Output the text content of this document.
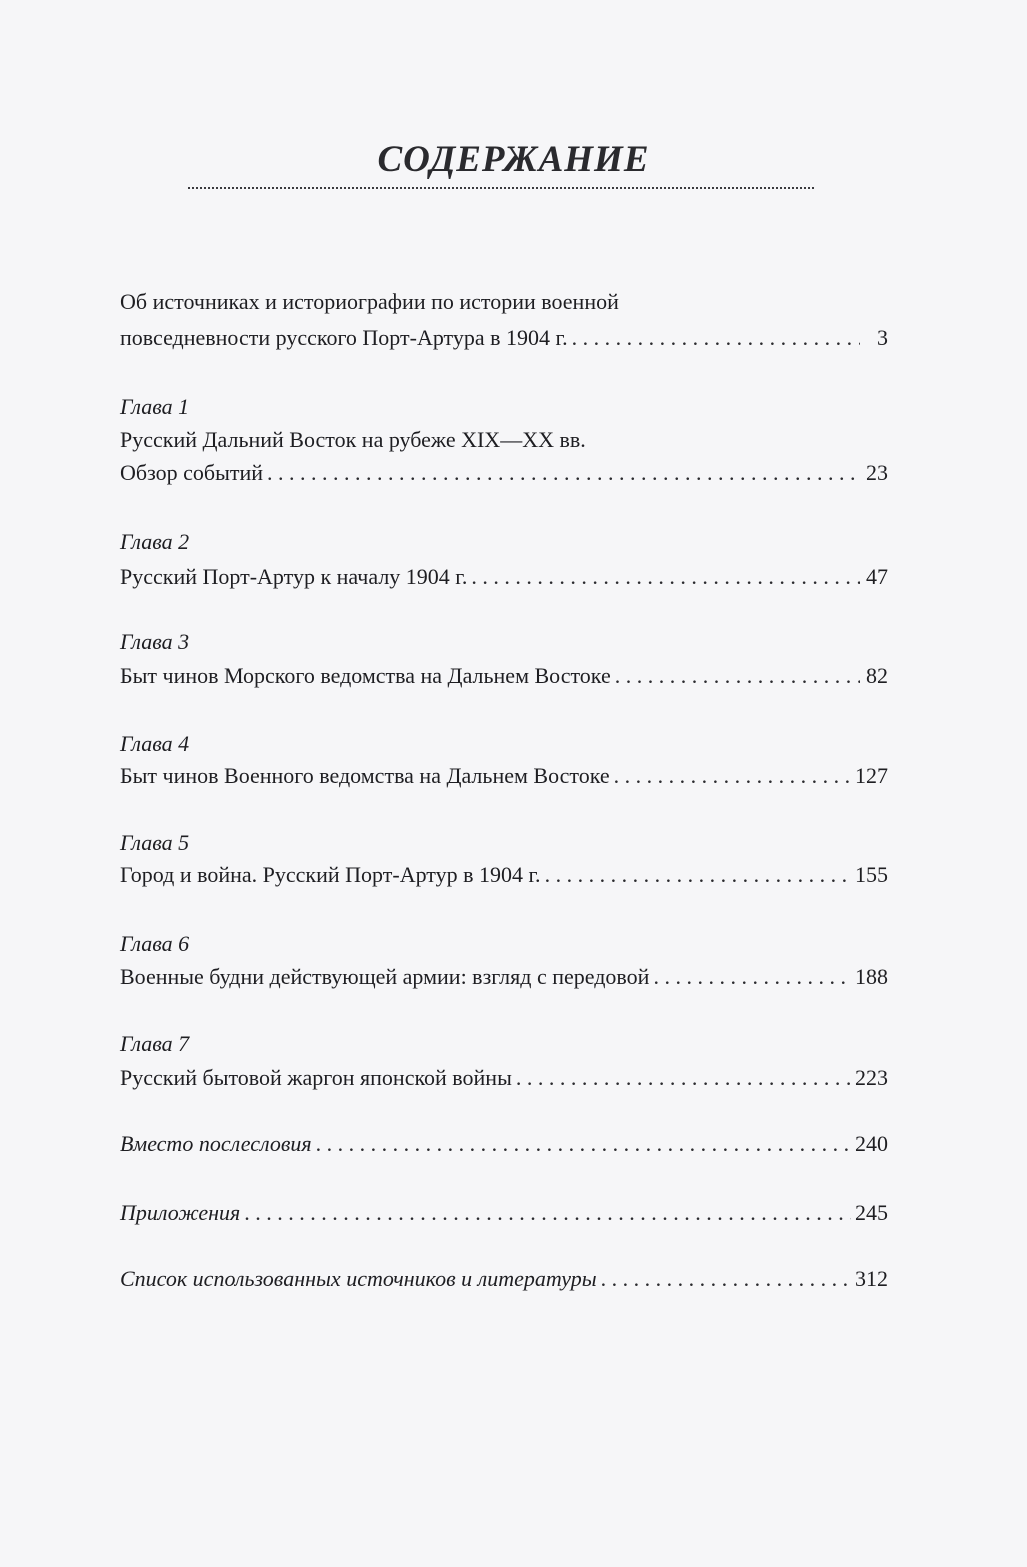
СОДЕРЖАНИЕ
Об источниках и историографии по истории военной
повседневности русского Порт-Артура в 1904 г. . . .	3
Глава 1
Русский Дальний Восток на рубеже XIX—XX вв.
Обзор событий . . .	23
Глава 2
Русский Порт-Артур к началу 1904 г. . . .	47
Глава 3
Быт чинов Морского ведомства на Дальнем Востоке . . .	82
Глава 4
Быт чинов Военного ведомства на Дальнем Востоке . . .	127
Глава 5
Город и война. Русский Порт-Артур в 1904 г. . . .	155
Глава 6
Военные будни действующей армии: взгляд с передовой . . .	188
Глава 7
Русский бытовой жаргон японской войны . . .	223
Вместо послесловия . . .	240
Приложения . . .	245
Список использованных источников и литературы . . .	312
